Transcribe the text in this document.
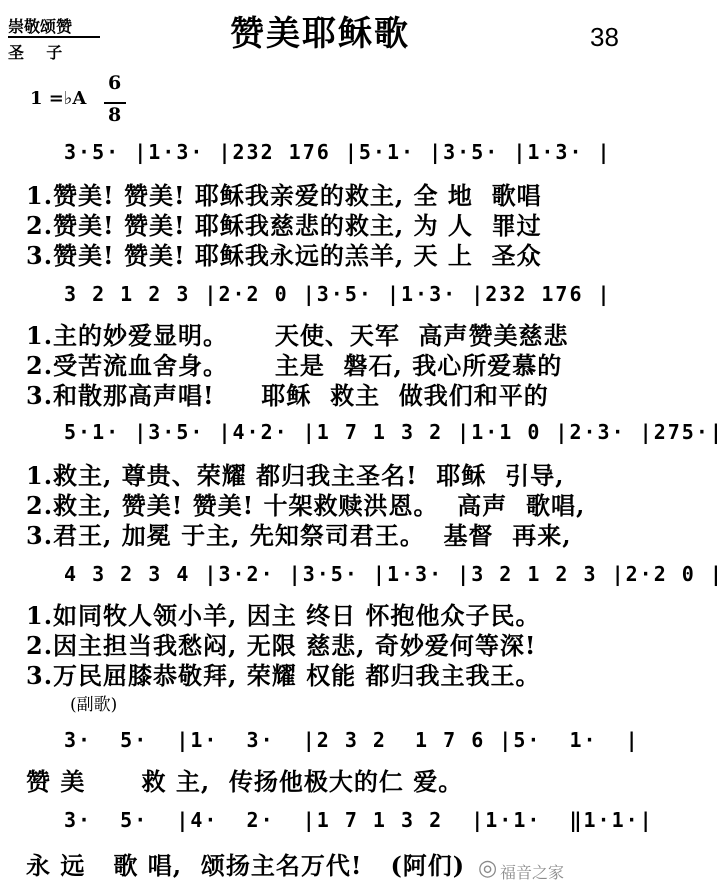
崇敬颂赞
圣    子	赞美耶稣歌	38
1 =♭A
6
8
3·5· |1·3· |232 176 |5·1· |3·5· |1·3· |
1.赞美! 赞美! 耶稣我亲爱的救主, 全 地  歌唱
2.赞美! 赞美! 耶稣我慈悲的救主, 为 人  罪过
3.赞美! 赞美! 耶稣我永远的羔羊, 天 上  圣众
3 2 1 2 3 |2·2 0 |3·5· |1·3· |232 176 |
1.主的妙爱显明。     天使、天军  高声赞美慈悲
2.受苦流血舍身。     主是  磐石, 我心所爱慕的
3.和散那高声唱!     耶稣  救主  做我们和平的
5·1· |3·5· |4·2· |1 7 1 3 2 |1·1 0 |2·3· |275·|
1.救主, 尊贵、荣耀 都归我主圣名!  耶稣  引导,
2.救主, 赞美! 赞美! 十架救赎洪恩。  高声  歌唱,
3.君王, 加冕 于主, 先知祭司君王。  基督  再来,
4 3 2 3 4 |3·2· |3·5· |1·3· |3 2 1 2 3 |2·2 0 |
1.如同牧人领小羊, 因主 终日 怀抱他众子民。
2.因主担当我愁闷, 无限 慈悲, 奇妙爱何等深!
3.万民屈膝恭敬拜, 荣耀 权能 都归我主我王。
(副歌)
3·  5·  |1·  3·  |2 3 2  1 7 6 |5·  1·  |
赞 美      救 主,  传扬他极大的仁 爱。
3·  5·  |4·  2·  |1 7 1 3 2  |1·1·  ‖1·1·|
永 远   歌 唱,  颂扬主名万代!   (阿们) ◎ 福音之家
